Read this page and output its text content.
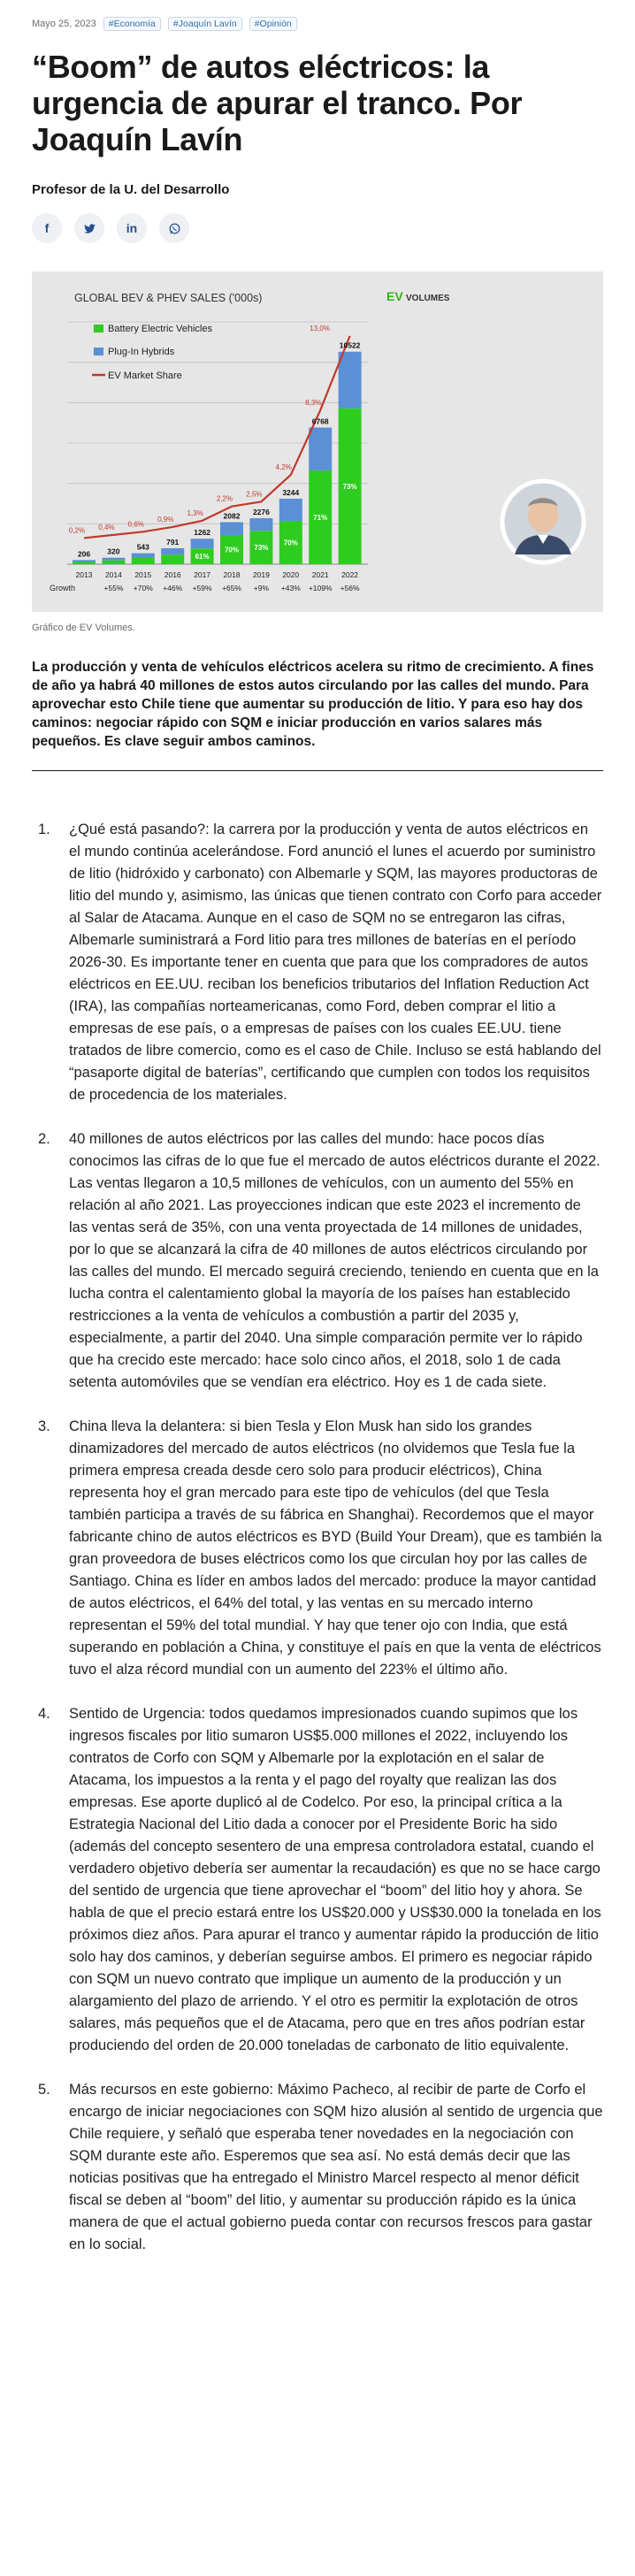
Mayo 25, 2023	#Economía	#Joaquín Lavín	#Opinión
“Boom” de autos eléctricos: la urgencia de apurar el tranco. Por Joaquín Lavín
Profesor de la U. del Desarrollo
f	in
GLOBAL BEV & PHEV SALES ('000s)	EV VOLUMES
Battery Electric Vehicles
Plug-In Hybrids
EV Market Share
206
2013
320
2014
+55%
543
2015
+70%
791
2016
+46%
1262
61%
2017
+59%
2082
70%
2018
+65%
2276
73%
2019
+9%
3244
70%
2020
+43%
6768
71%
2021
+109%
10522
73%
2022
+56%
0,2% 0,4% 0,6%
0,9%
1,3%
2,2%
2,5%
4,2%
8,3%
13,0%
Growth
Gráfico de EV Volumes.

La producción y venta de vehículos eléctricos acelera su ritmo de crecimiento. A fines de año ya habrá 40 millones de estos autos circulando por las calles del mundo. Para aprovechar esto Chile tiene que aumentar su producción de litio. Y para eso hay dos caminos: negociar rápido con SQM e iniciar producción en varios salares más pequeños. Es clave seguir ambos caminos.

1.	¿Qué está pasando?: la carrera por la producción y venta de autos eléctricos en el mundo continúa acelerándose. Ford anunció el lunes el acuerdo por suministro de litio (hidróxido y carbonato) con Albemarle y SQM, las mayores productoras de litio del mundo y, asimismo, las únicas que tienen contrato con Corfo para acceder al Salar de Atacama. Aunque en el caso de SQM no se entregaron las cifras, Albemarle suministrará a Ford litio para tres millones de baterías en el período 2026-30. Es importante tener en cuenta que para que los compradores de autos eléctricos en EE.UU. reciban los beneficios tributarios del Inflation Reduction Act (IRA), las compañías norteamericanas, como Ford, deben comprar el litio a empresas de ese país, o a empresas de países con los cuales EE.UU. tiene tratados de libre comercio, como es el caso de Chile. Incluso se está hablando del “pasaporte digital de baterías”, certificando que cumplen con todos los requisitos de procedencia de los materiales.
2.	40 millones de autos eléctricos por las calles del mundo: hace pocos días conocimos las cifras de lo que fue el mercado de autos eléctricos durante el 2022. Las ventas llegaron a 10,5 millones de vehículos, con un aumento del 55% en relación al año 2021. Las proyecciones indican que este 2023 el incremento de las ventas será de 35%, con una venta proyectada de 14 millones de unidades, por lo que se alcanzará la cifra de 40 millones de autos eléctricos circulando por las calles del mundo. El mercado seguirá creciendo, teniendo en cuenta que en la lucha contra el calentamiento global la mayoría de los países han establecido restricciones a la venta de vehículos a combustión a partir del 2035 y, especialmente, a partir del 2040. Una simple comparación permite ver lo rápido que ha crecido este mercado: hace solo cinco años, el 2018, solo 1 de cada setenta automóviles que se vendían era eléctrico. Hoy es 1 de cada siete.
3.	China lleva la delantera: si bien Tesla y Elon Musk han sido los grandes dinamizadores del mercado de autos eléctricos (no olvidemos que Tesla fue la primera empresa creada desde cero solo para producir eléctricos), China representa hoy el gran mercado para este tipo de vehículos (del que Tesla también participa a través de su fábrica en Shanghai). Recordemos que el mayor fabricante chino de autos eléctricos es BYD (Build Your Dream), que es también la gran proveedora de buses eléctricos como los que circulan hoy por las calles de Santiago. China es líder en ambos lados del mercado: produce la mayor cantidad de autos eléctricos, el 64% del total, y las ventas en su mercado interno representan el 59% del total mundial. Y hay que tener ojo con India, que está superando en población a China, y constituye el país en que la venta de eléctricos tuvo el alza récord mundial con un aumento del 223% el último año.
4.	Sentido de Urgencia: todos quedamos impresionados cuando supimos que los ingresos fiscales por litio sumaron US$5.000 millones el 2022, incluyendo los contratos de Corfo con SQM y Albemarle por la explotación en el salar de Atacama, los impuestos a la renta y el pago del royalty que realizan las dos empresas. Ese aporte duplicó al de Codelco. Por eso, la principal crítica a la Estrategia Nacional del Litio dada a conocer por el Presidente Boric ha sido (además del concepto sesentero de una empresa controladora estatal, cuando el verdadero objetivo debería ser aumentar la recaudación) es que no se hace cargo del sentido de urgencia que tiene aprovechar el “boom” del litio hoy y ahora. Se habla de que el precio estará entre los US$20.000 y US$30.000 la tonelada en los próximos diez años. Para apurar el tranco y aumentar rápido la producción de litio solo hay dos caminos, y deberían seguirse ambos. El primero es negociar rápido con SQM un nuevo contrato que implique un aumento de la producción y un alargamiento del plazo de arriendo. Y el otro es permitir la explotación de otros salares, más pequeños que el de Atacama, pero que en tres años podrían estar produciendo del orden de 20.000 toneladas de carbonato de litio equivalente.
5.	Más recursos en este gobierno: Máximo Pacheco, al recibir de parte de Corfo el encargo de iniciar negociaciones con SQM hizo alusión al sentido de urgencia que Chile requiere, y señaló que esperaba tener novedades en la negociación con SQM durante este año. Esperemos que sea así. No está demás decir que las noticias positivas que ha entregado el Ministro Marcel respecto al menor déficit fiscal se deben al “boom” del litio, y aumentar su producción rápido es la única manera de que el actual gobierno pueda contar con recursos frescos para gastar en lo social.
